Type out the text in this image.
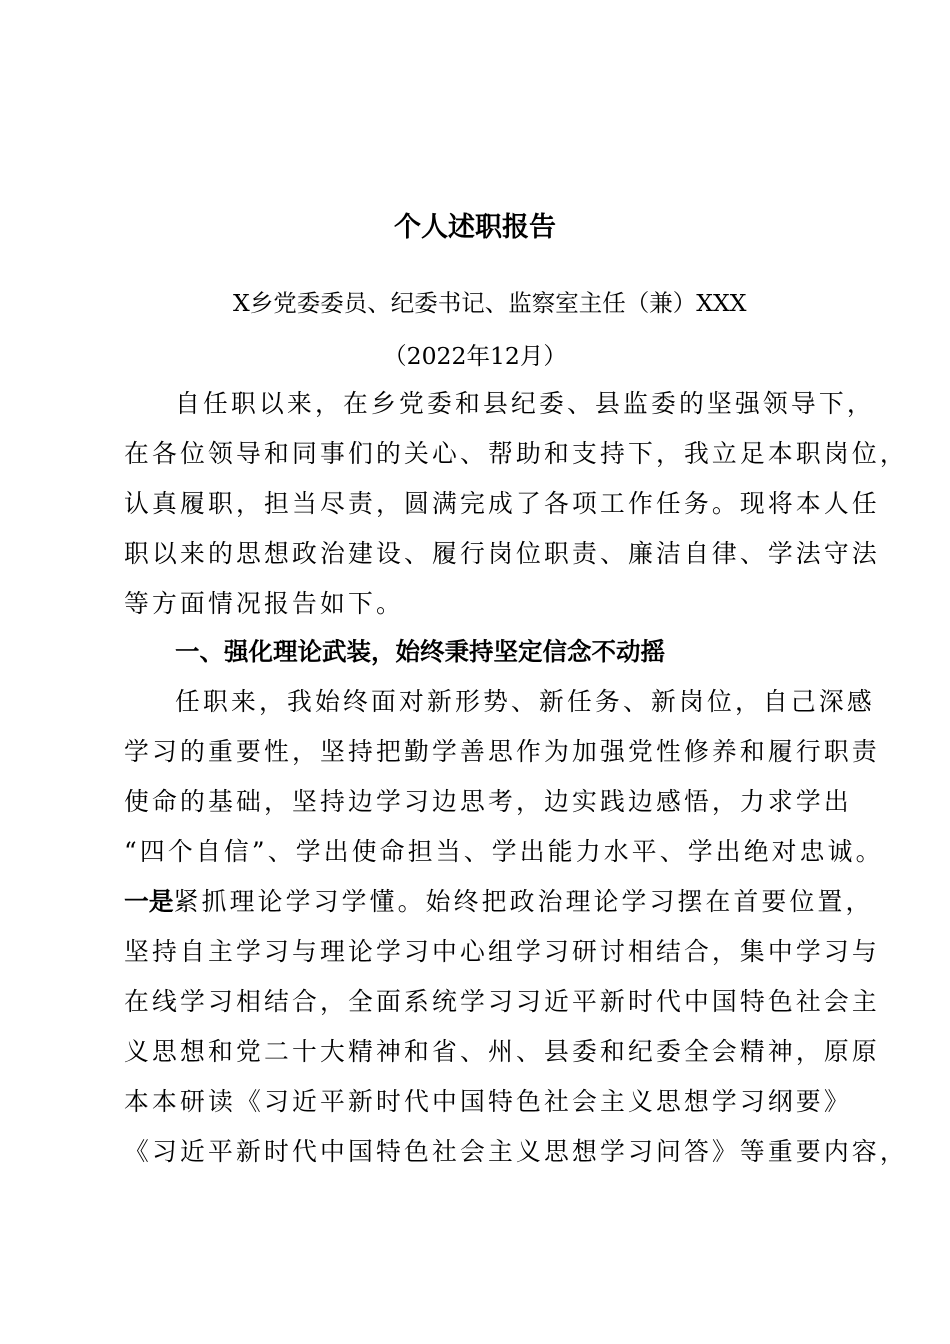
个人述职报告
X乡党委委员、纪委书记、监察室主任（兼）XXX
（2022年12月）
自任职以来，在乡党委和县纪委、县监委的坚强领导下，
在各位领导和同事们的关心、帮助和支持下，我立足本职岗位，
认真履职，担当尽责，圆满完成了各项工作任务。现将本人任
职以来的思想政治建设、履行岗位职责、廉洁自律、学法守法
等方面情况报告如下。
一、强化理论武装，始终秉持坚定信念不动摇
任职来，我始终面对新形势、新任务、新岗位，自己深感
学习的重要性，坚持把勤学善思作为加强党性修养和履行职责
使命的基础，坚持边学习边思考，边实践边感悟，力求学出
“四个自信”、学出使命担当、学出能力水平、学出绝对忠诚。
一是紧抓理论学习学懂。始终把政治理论学习摆在首要位置，
坚持自主学习与理论学习中心组学习研讨相结合，集中学习与
在线学习相结合，全面系统学习习近平新时代中国特色社会主
义思想和党二十大精神和省、州、县委和纪委全会精神，原原
本本研读《习近平新时代中国特色社会主义思想学习纲要》
《习近平新时代中国特色社会主义思想学习问答》等重要内容，
